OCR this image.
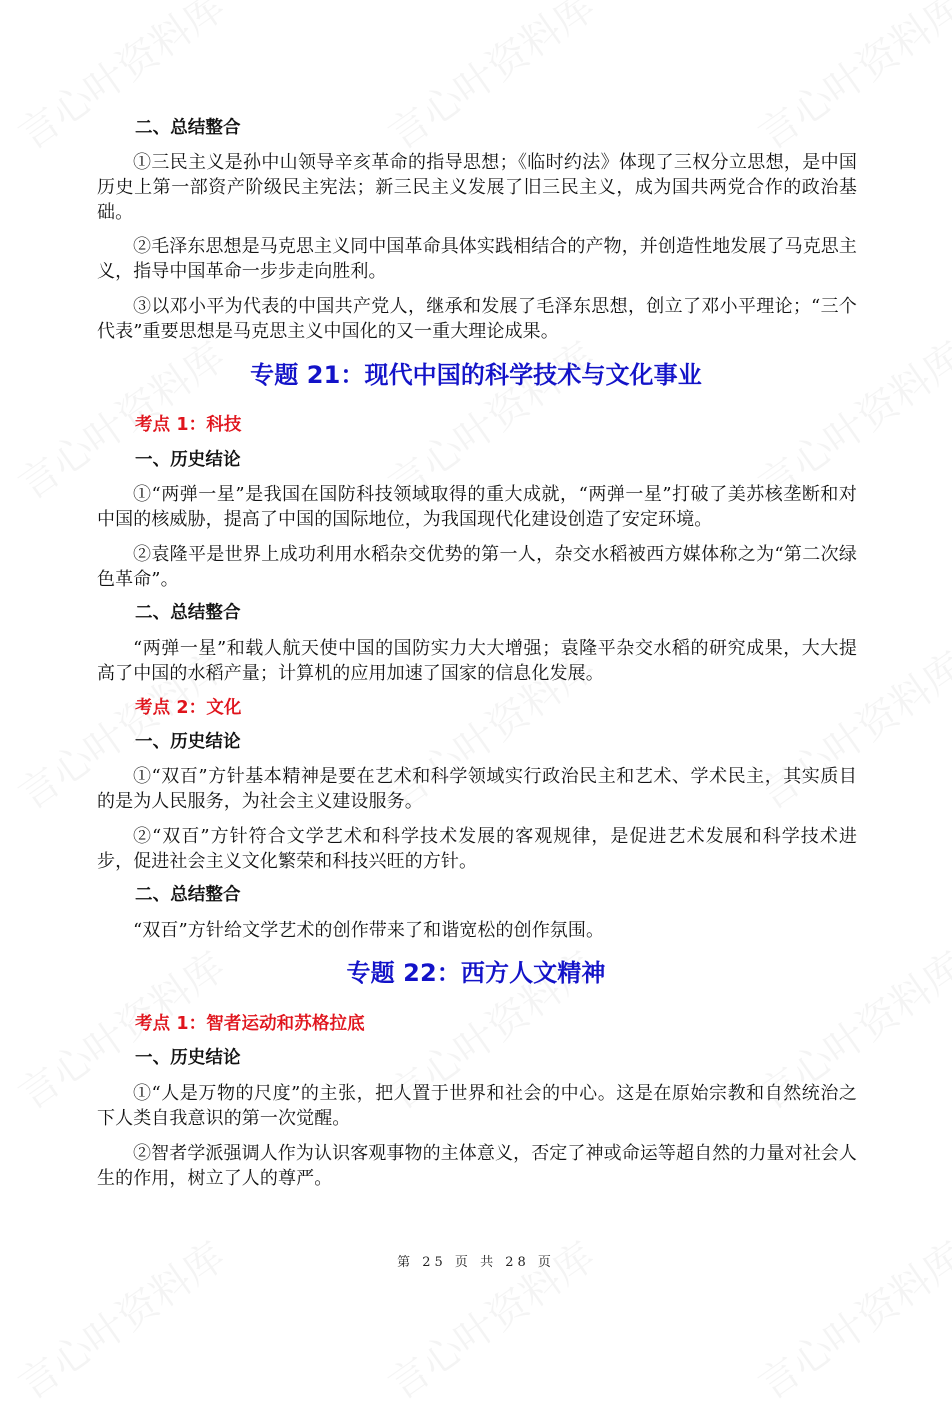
二、总结整合
①三民主义是孙中山领导辛亥革命的指导思想；《临时约法》体现了三权分立思想，是中国历史上第一部资产阶级民主宪法；新三民主义发展了旧三民主义，成为国共两党合作的政治基础。
②毛泽东思想是马克思主义同中国革命具体实践相结合的产物，并创造性地发展了马克思主义，指导中国革命一步步走向胜利。
③以邓小平为代表的中国共产党人，继承和发展了毛泽东思想，创立了邓小平理论；“三个代表”重要思想是马克思主义中国化的又一重大理论成果。
专题 21：现代中国的科学技术与文化事业
考点 1：科技
一、历史结论
①“两弹一星”是我国在国防科技领域取得的重大成就，“两弹一星”打破了美苏核垄断和对中国的核威胁，提高了中国的国际地位，为我国现代化建设创造了安定环境。
②袁隆平是世界上成功利用水稻杂交优势的第一人，杂交水稻被西方媒体称之为“第二次绿色革命”。
二、总结整合
“两弹一星”和载人航天使中国的国防实力大大增强；袁隆平杂交水稻的研究成果，大大提高了中国的水稻产量；计算机的应用加速了国家的信息化发展。
考点 2：文化
一、历史结论
①“双百”方针基本精神是要在艺术和科学领域实行政治民主和艺术、学术民主，其实质目的是为人民服务，为社会主义建设服务。
②“双百”方针符合文学艺术和科学技术发展的客观规律，是促进艺术发展和科学技术进步，促进社会主义文化繁荣和科技兴旺的方针。
二、总结整合
“双百”方针给文学艺术的创作带来了和谐宽松的创作氛围。
专题 22：西方人文精神
考点 1：智者运动和苏格拉底
一、历史结论
①“人是万物的尺度”的主张，把人置于世界和社会的中心。这是在原始宗教和自然统治之下人类自我意识的第一次觉醒。
②智者学派强调人作为认识客观事物的主体意义，否定了神或命运等超自然的力量对社会人生的作用，树立了人的尊严。
第 25 页 共 28 页
